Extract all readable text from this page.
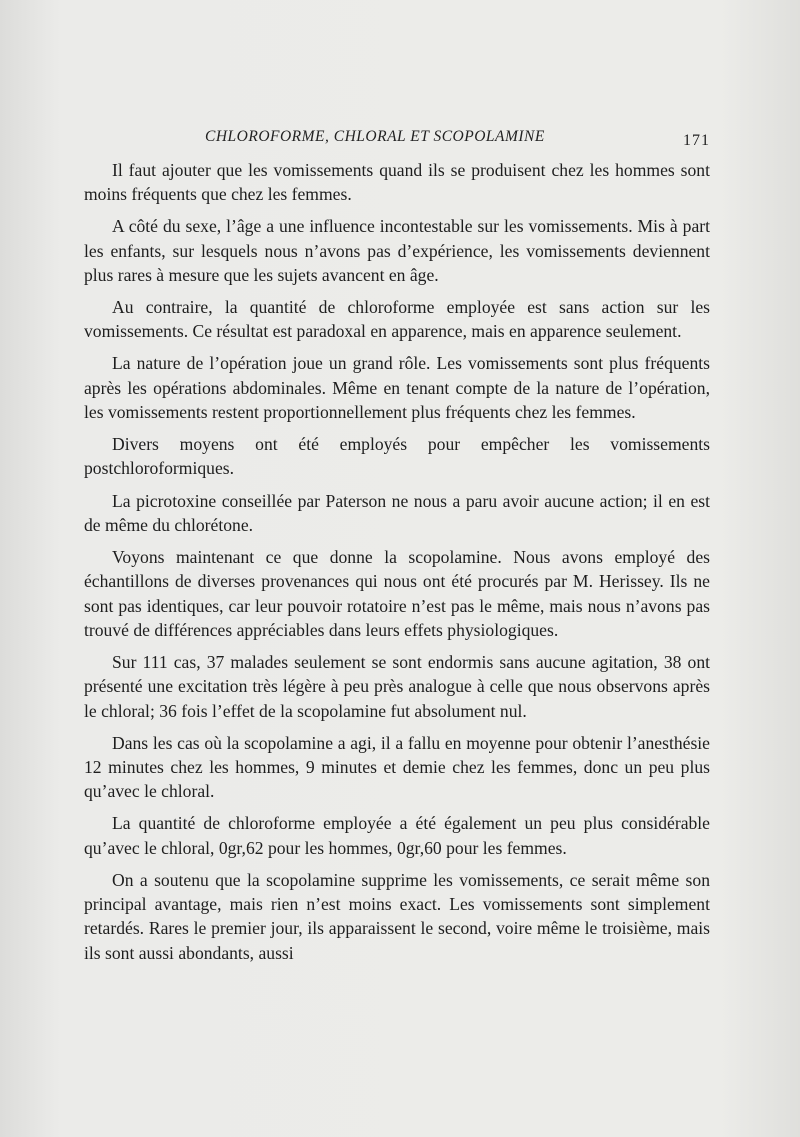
CHLOROFORME, CHLORAL ET SCOPOLAMINE	171

Il faut ajouter que les vomissements quand ils se produisent chez les hommes sont moins fréquents que chez les femmes.

A côté du sexe, l’âge a une influence incontestable sur les vomissements. Mis à part les enfants, sur lesquels nous n’avons pas d’expérience, les vomissements deviennent plus rares à mesure que les sujets avancent en âge.

Au contraire, la quantité de chloroforme employée est sans action sur les vomissements. Ce résultat est paradoxal en apparence, mais en apparence seulement.

La nature de l’opération joue un grand rôle. Les vomissements sont plus fréquents après les opérations abdominales. Même en tenant compte de la nature de l’opération, les vomissements restent proportionnellement plus fréquents chez les femmes.

Divers moyens ont été employés pour empêcher les vomissements postchloroformiques.

La picrotoxine conseillée par Paterson ne nous a paru avoir aucune action; il en est de même du chlorétone.

Voyons maintenant ce que donne la scopolamine. Nous avons employé des échantillons de diverses provenances qui nous ont été procurés par M. Herissey. Ils ne sont pas identiques, car leur pouvoir rotatoire n’est pas le même, mais nous n’avons pas trouvé de différences appréciables dans leurs effets physiologiques.

Sur 111 cas, 37 malades seulement se sont endormis sans aucune agitation, 38 ont présenté une excitation très légère à peu près analogue à celle que nous observons après le chloral; 36 fois l’effet de la scopolamine fut absolument nul.

Dans les cas où la scopolamine a agi, il a fallu en moyenne pour obtenir l’anesthésie 12 minutes chez les hommes, 9 minutes et demie chez les femmes, donc un peu plus qu’avec le chloral.

La quantité de chloroforme employée a été également un peu plus considérable qu’avec le chloral, 0gr,62 pour les hommes, 0gr,60 pour les femmes.

On a soutenu que la scopolamine supprime les vomissements, ce serait même son principal avantage, mais rien n’est moins exact. Les vomissements sont simplement retardés. Rares le premier jour, ils apparaissent le second, voire même le troisième, mais ils sont aussi abondants, aussi
